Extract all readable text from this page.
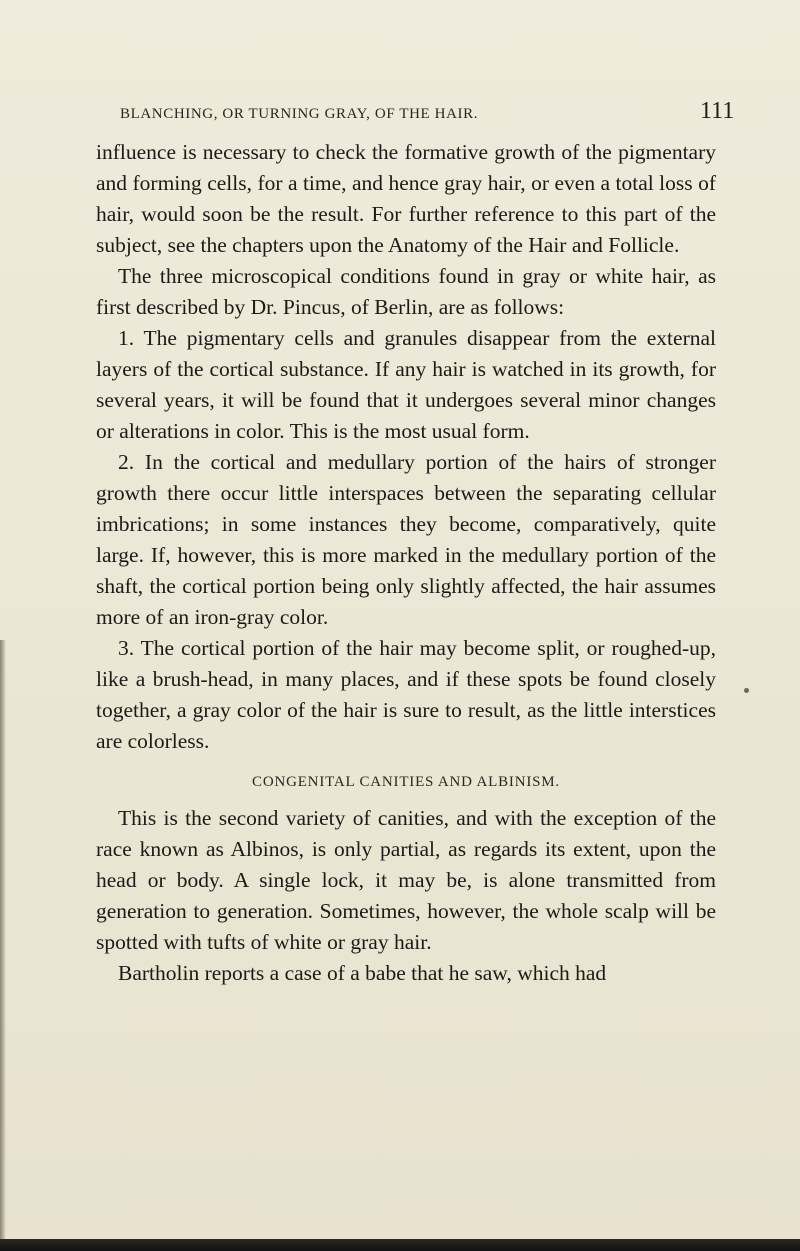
BLANCHING, OR TURNING GRAY, OF THE HAIR.	111

influence is necessary to check the formative growth of the pigmentary and forming cells, for a time, and hence gray hair, or even a total loss of hair, would soon be the result. For further reference to this part of the subject, see the chapters upon the Anatomy of the Hair and Follicle.

The three microscopical conditions found in gray or white hair, as first described by Dr. Pincus, of Berlin, are as follows:

1. The pigmentary cells and granules disappear from the external layers of the cortical substance. If any hair is watched in its growth, for several years, it will be found that it undergoes several minor changes or alterations in color. This is the most usual form.

2. In the cortical and medullary portion of the hairs of stronger growth there occur little interspaces between the separating cellular imbrications; in some instances they become, comparatively, quite large. If, however, this is more marked in the medullary portion of the shaft, the cortical portion being only slightly affected, the hair assumes more of an iron-gray color.

3. The cortical portion of the hair may become split, or roughed-up, like a brush-head, in many places, and if these spots be found closely together, a gray color of the hair is sure to result, as the little interstices are colorless.

CONGENITAL CANITIES AND ALBINISM.

This is the second variety of canities, and with the exception of the race known as Albinos, is only partial, as regards its extent, upon the head or body. A single lock, it may be, is alone transmitted from generation to generation. Sometimes, however, the whole scalp will be spotted with tufts of white or gray hair.

Bartholin reports a case of a babe that he saw, which had
